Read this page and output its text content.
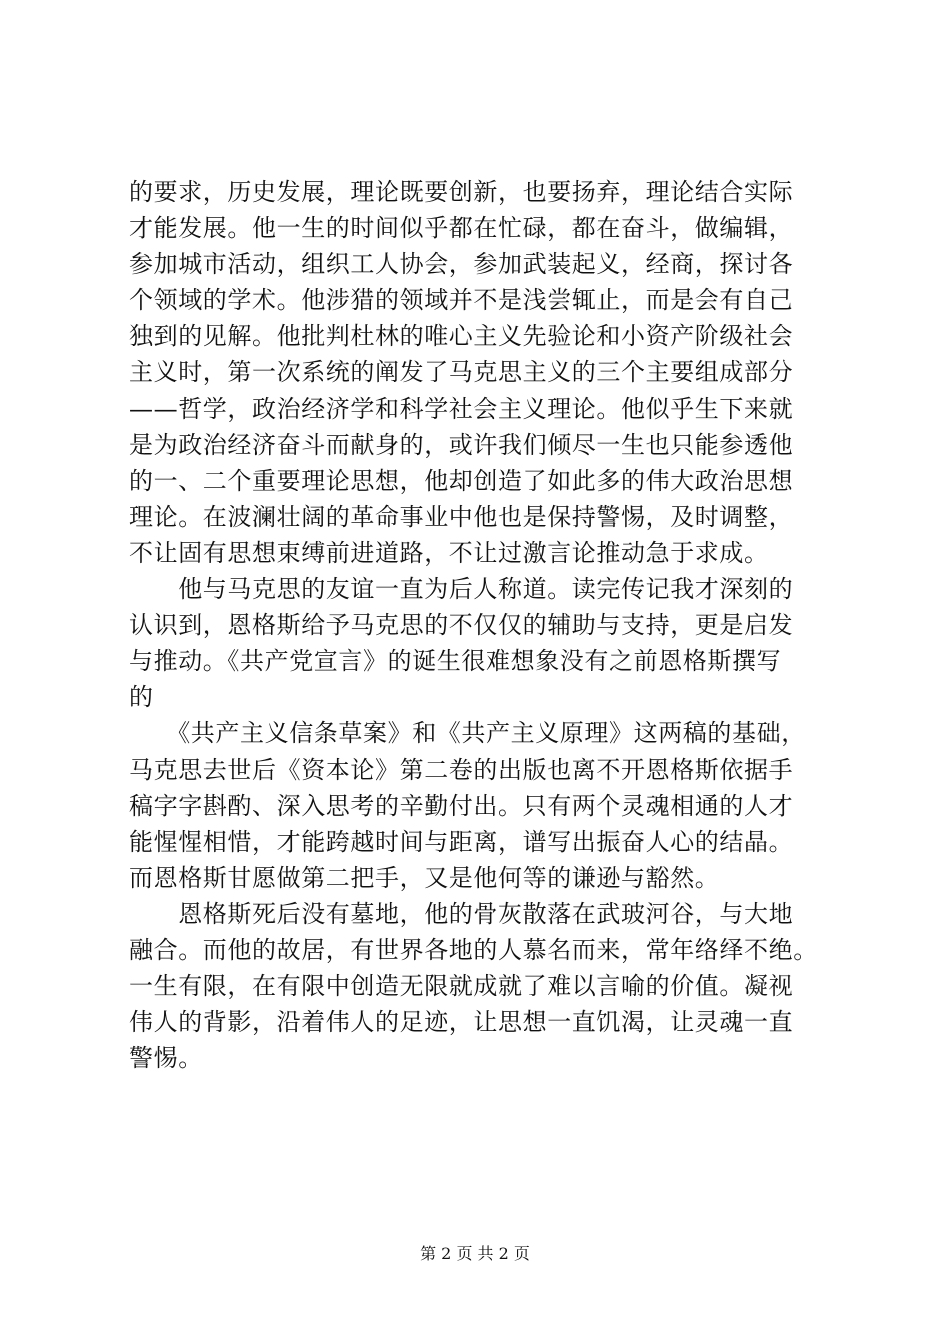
的要求，历史发展，理论既要创新，也要扬弃，理论结合实际
才能发展。他一生的时间似乎都在忙碌，都在奋斗，做编辑，
参加城市活动，组织工人协会，参加武装起义，经商，探讨各
个领域的学术。他涉猎的领域并不是浅尝辄止，而是会有自己
独到的见解。他批判杜林的唯心主义先验论和小资产阶级社会
主义时，第一次系统的阐发了马克思主义的三个主要组成部分
——哲学，政治经济学和科学社会主义理论。他似乎生下来就
是为政治经济奋斗而献身的，或许我们倾尽一生也只能参透他
的一、二个重要理论思想，他却创造了如此多的伟大政治思想
理论。在波澜壮阔的革命事业中他也是保持警惕，及时调整，
不让固有思想束缚前进道路，不让过激言论推动急于求成。
　　他与马克思的友谊一直为后人称道。读完传记我才深刻的
认识到，恩格斯给予马克思的不仅仅的辅助与支持，更是启发
与推动。《共产党宣言》的诞生很难想象没有之前恩格斯撰写
的
　　《共产主义信条草案》和《共产主义原理》这两稿的基础，
马克思去世后《资本论》第二卷的出版也离不开恩格斯依据手
稿字字斟酌、深入思考的辛勤付出。只有两个灵魂相通的人才
能惺惺相惜，才能跨越时间与距离，谱写出振奋人心的结晶。
而恩格斯甘愿做第二把手，又是他何等的谦逊与豁然。
　　恩格斯死后没有墓地，他的骨灰散落在武玻河谷，与大地
融合。而他的故居，有世界各地的人慕名而来，常年络绎不绝。
一生有限，在有限中创造无限就成就了难以言喻的价值。凝视
伟人的背影，沿着伟人的足迹，让思想一直饥渴，让灵魂一直
警惕。
第 2 页 共 2 页
